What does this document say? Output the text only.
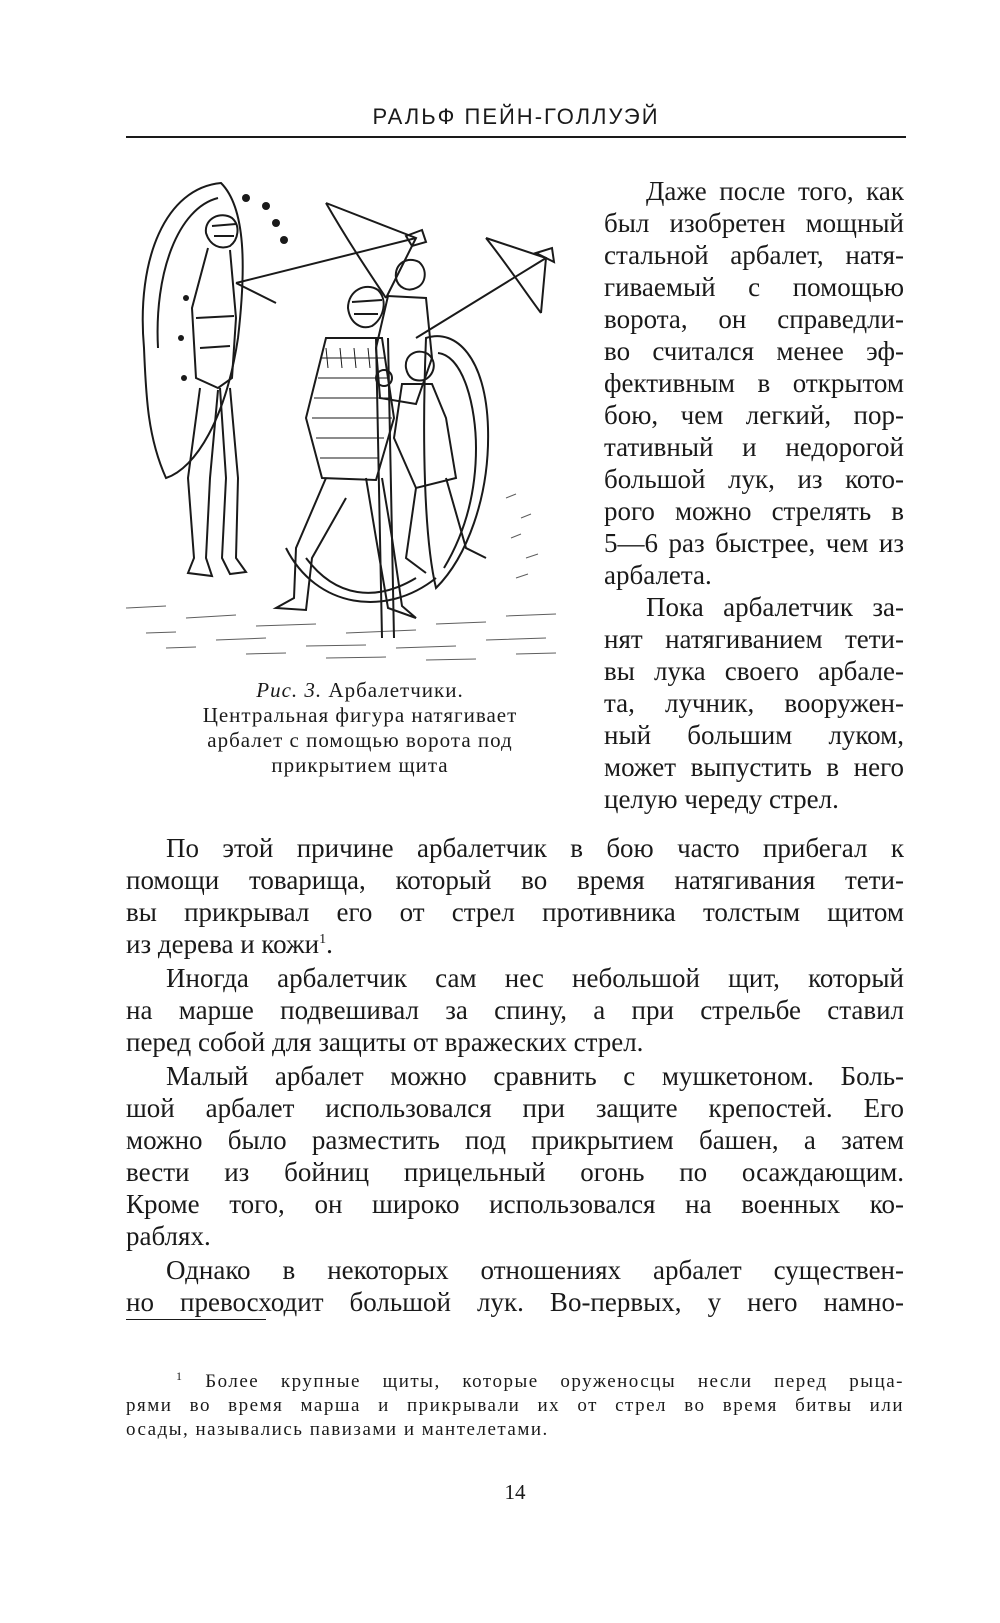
РАЛЬФ ПЕЙН-ГОЛЛУЭЙ
Рис. 3. Арбалетчики.
Центральная фигура натягивает
арбалет с помощью ворота под
прикрытием щита
Даже после того, как
был изобретен мощный
стальной арбалет, натя-
гиваемый с помощью
ворота, он справедли-
во считался менее эф-
фективным в открытом
бою, чем легкий, пор-
тативный и недорогой
большой лук, из кото-
рого можно стрелять в
5—6 раз быстрее, чем из
арбалета.
Пока арбалетчик за-
нят натягиванием тети-
вы лука своего арбале-
та, лучник, вооружен-
ный большим луком,
может выпустить в него
целую череду стрел.
По этой причине арбалетчик в бою часто прибегал к
помощи товарища, который во время натягивания тети-
вы прикрывал его от стрел противника толстым щитом
из дерева и кожи$^1$.
Иногда арбалетчик сам нес небольшой щит, который
на марше подвешивал за спину, а при стрельбе ставил
перед собой для защиты от вражеских стрел.
Малый арбалет можно сравнить с мушкетоном. Боль-
шой арбалет использовался при защите крепостей. Его
можно было разместить под прикрытием башен, а затем
вести из бойниц прицельный огонь по осаждающим.
Кроме того, он широко использовался на военных ко-
раблях.
Однако в некоторых отношениях арбалет существен-
но превосходит большой лук. Во-первых, у него намно-
$^1$ Более крупные щиты, которые оруженосцы несли перед рыца-
рями во время марша и прикрывали их от стрел во время битвы или
осады, назывались павизами и мантелетами.
14
